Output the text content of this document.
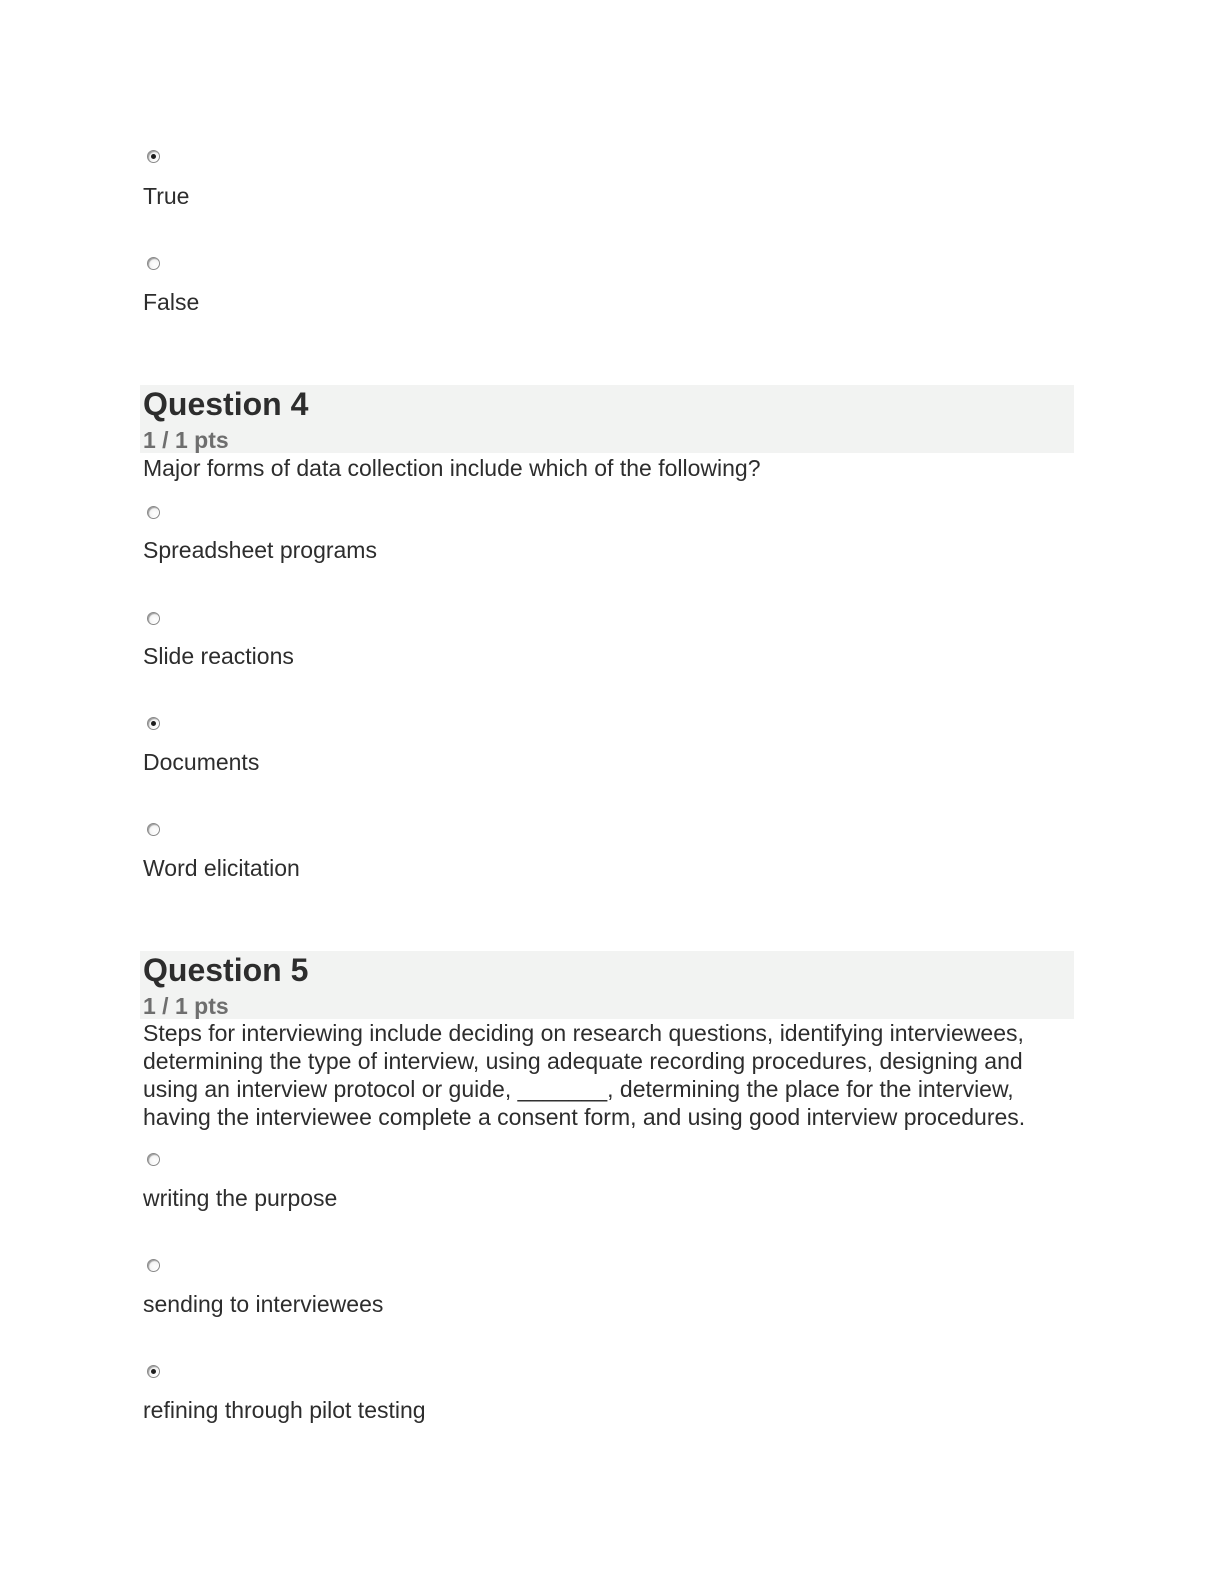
True
False
Question 4
1 / 1 pts
Major forms of data collection include which of the following?
Spreadsheet programs
Slide reactions
Documents
Word elicitation
Question 5
1 / 1 pts
Steps for interviewing include deciding on research questions, identifying interviewees, determining the type of interview, using adequate recording procedures, designing and using an interview protocol or guide, _______, determining the place for the interview, having the interviewee complete a consent form, and using good interview procedures.
writing the purpose
sending to interviewees
refining through pilot testing
